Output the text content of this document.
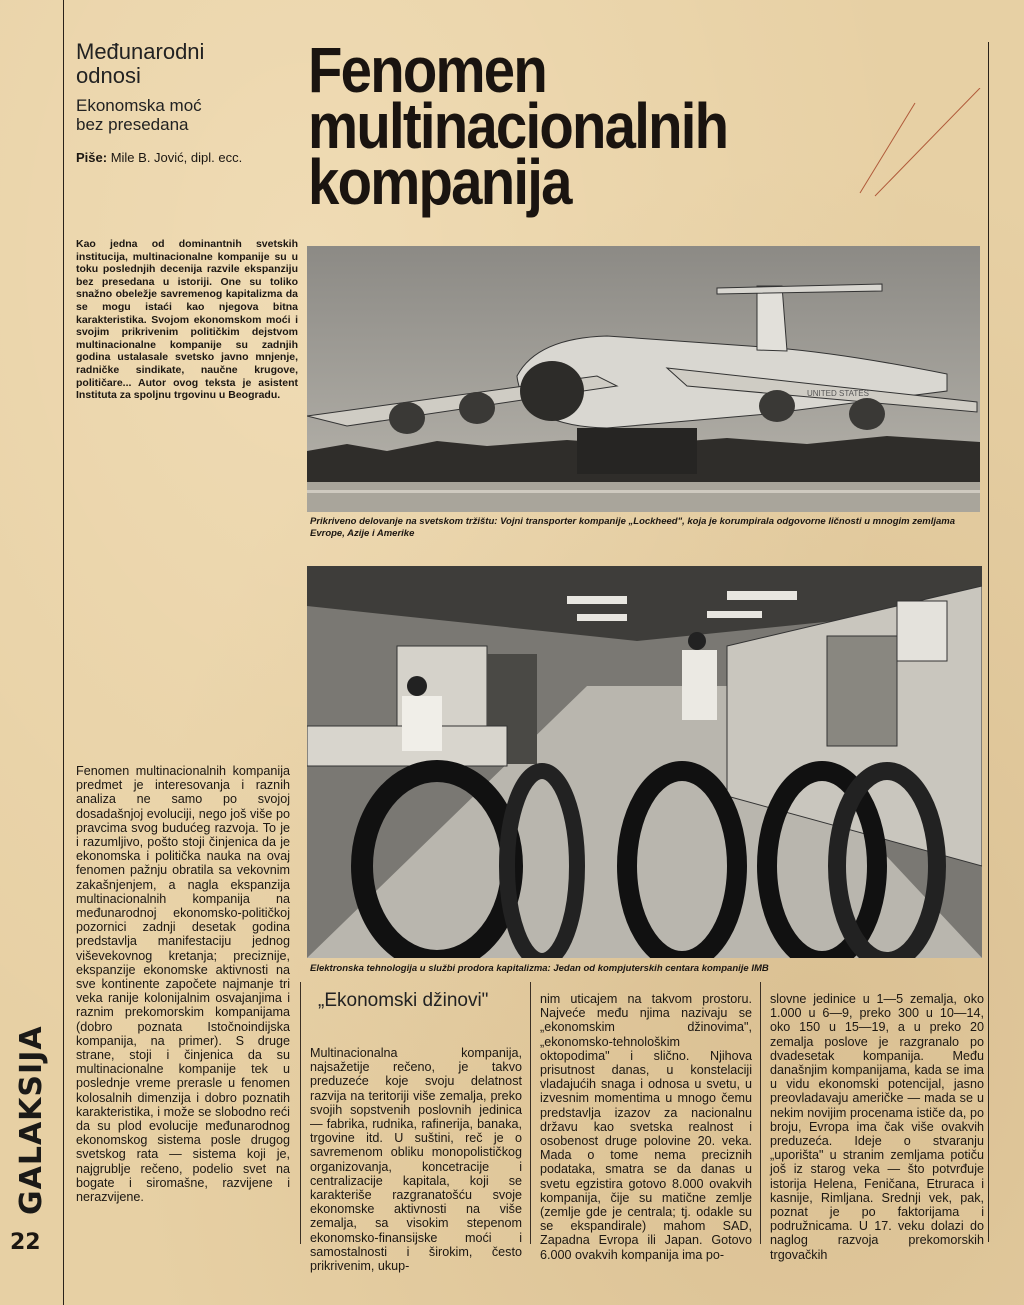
Međunarodni
odnosi
Ekonomska moć
bez presedana
Piše: Mile B. Jović, dipl. ecc.
Fenomen
multinacionalnih
kompanija
Kao jedna od dominantnih svetskih institucija, multinacionalne kompanije su u toku poslednjih decenija razvile ekspanziju bez presedana u istoriji. One su toliko snažno obeležje savremenog kapitalizma da se mogu istaći kao njegova bitna karakteristika. Svojom ekonomskom moći i svojim prikrivenim političkim dejstvom multinacionalne kompanije su zadnjih godina ustalasale svetsko javno mnjenje, radničke sindikate, naučne krugove, političare... Autor ovog teksta je asistent Instituta za spoljnu trgovinu u Beogradu.	UNITED STATES
Prikriveno delovanje na svetskom tržištu: Vojni transporter kompanije „Lockheed", koja je korumpirala odgovorne ličnosti u mnogim zemljama Evrope, Azije i Amerike
Elektronska tehnologija u službi prodora kapitalizma: Jedan od kompjuterskih centara kompanije IMB
Fenomen multinacionalnih kompanija predmet je interesovanja i raznih analiza ne samo po svojoj dosadašnjoj evoluciji, nego još više po pravcima svog budućeg razvoja. To je i razumljivo, pošto stoji činjenica da je ekonomska i politička nauka na ovaj fenomen pažnju obratila sa vekovnim zakašnjenjem, a nagla ekspanzija multinacionalnih kompanija na međunarodnoj ekonomsko-političkoj pozornici zadnji desetak godina predstavlja manifestaciju jednog viševekovnog kretanja; preciznije, ekspanzije ekonomske aktivnosti na sve kontinente započete najmanje tri veka ranije kolonijalnim osvajanjima i raznim prekomorskim kompanijama (dobro poznata Istočnoindijska kompanija, na primer). S druge strane, stoji i činjenica da su multinacionalne kompanije tek u poslednje vreme prerasle u fenomen kolosalnih dimenzija i dobro poznatih karakteristika, i može se slobodno reći da su plod evolucije međunarodnog ekonomskog sistema posle drugog svetskog rata — sistema koji je, najgrublje rečeno, podelio svet na bogate i siromašne, razvijene i nerazvijene.
„Ekonomski džinovi"
Multinacionalna kompanija, najsažetije rečeno, je takvo preduzeće koje svoju delatnost razvija na teritoriji više zemalja, preko svojih sopstvenih poslovnih jedinica — fabrika, rudnika, rafinerija, banaka, trgovine itd. U suštini, reč je o savremenom obliku monopolističkog organizovanja, koncetracije i centralizacije kapitala, koji se karakteriše razgranatošću svoje ekonomske aktivnosti na više zemalja, sa visokim stepenom ekonomsko-finansijske moći i samostalnosti i širokim, često prikrivenim, ukup-
nim uticajem na takvom prostoru. Najveće među njima nazivaju se „ekonomskim džinovima", „ekonomsko-tehnološkim oktopodima" i slično. Njihova prisutnost danas, u konstelaciji vladajućih snaga i odnosa u svetu, u izvesnim momentima u mnogo čemu predstavlja izazov za nacionalnu državu kao svetska realnost i osobenost druge polovine 20. veka. Mada o tome nema preciznih podataka, smatra se da danas u svetu egzistira gotovo 8.000 ovakvih kompanija, čije su matične zemlje (zemlje gde je centrala; tj. odakle su se ekspandirale) mahom SAD, Zapadna Evropa ili Japan. Gotovo 6.000 ovakvih kompanija ima po-
slovne jedinice u 1—5 zemalja, oko 1.000 u 6—9, preko 300 u 10—14, oko 150 u 15—19, a u preko 20 zemalja poslove je razgranalo po dvadesetak kompanija. Među današnjim kompanijama, kada se ima u vidu ekonomski potencijal, jasno preovladavaju američke — mada se u nekim novijim procenama ističe da, po broju, Evropa ima čak više ovakvih preduzeća. Ideje o stvaranju „uporišta" u stranim zemljama potiču još iz starog veka — što potvrđuje istorija Helena, Feničana, Etruraca i kasnije, Rimljana. Srednji vek, pak, poznat je po faktorijama i podružnicama. U 17. veku dolazi do naglog razvoja prekomorskih trgovačkih
GALAKSIJA
22
